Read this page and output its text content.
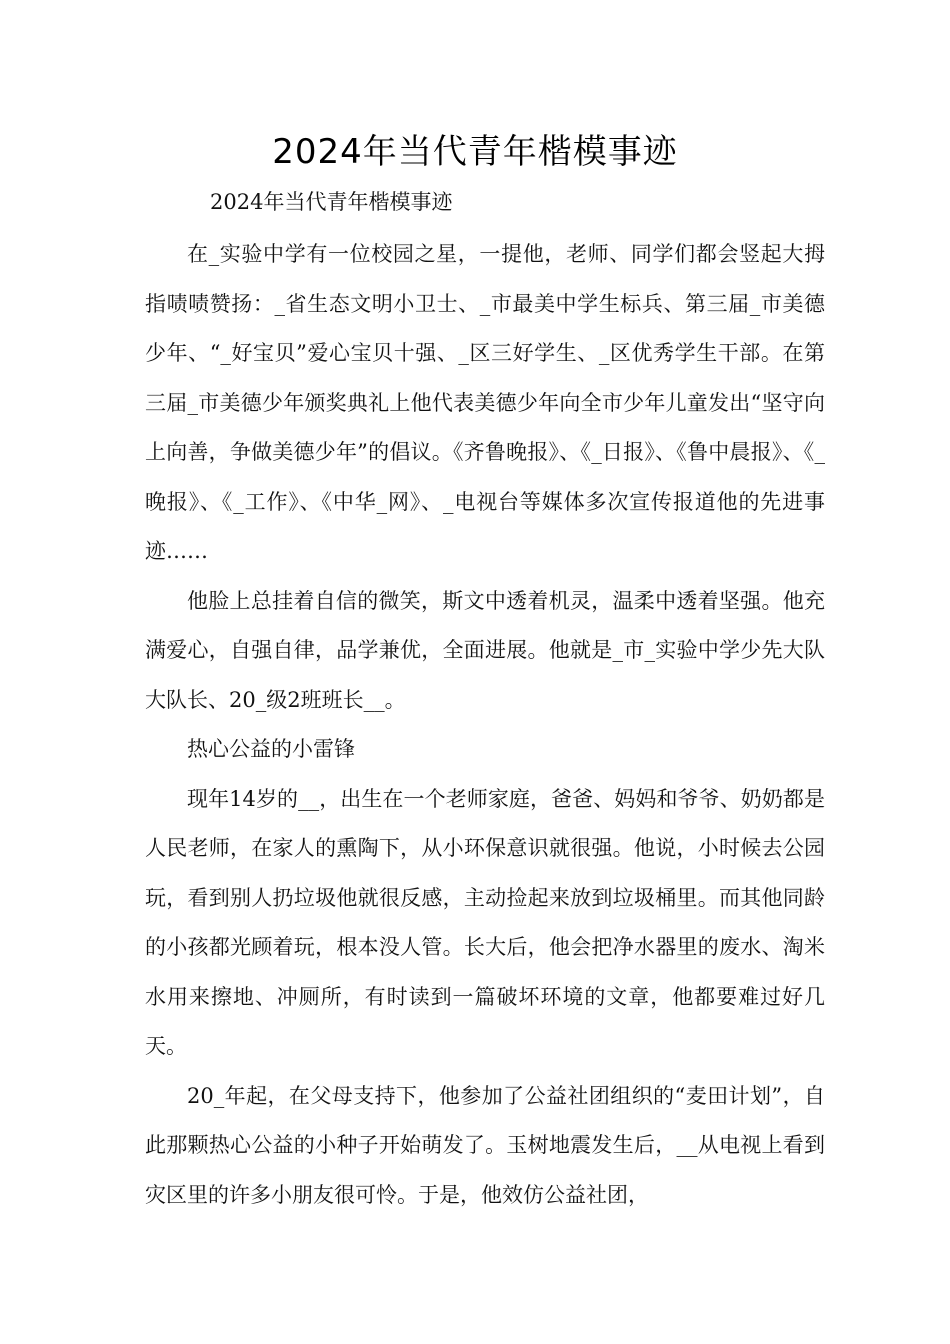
2024年当代青年楷模事迹
2024年当代青年楷模事迹

在_实验中学有一位校园之星，一提他，老师、同学们都会竖起大拇指啧啧赞扬：_省生态文明小卫士、_市最美中学生标兵、第三届_市美德少年、“_好宝贝”爱心宝贝十强、_区三好学生、_区优秀学生干部。在第三届_市美德少年颁奖典礼上他代表美德少年向全市少年儿童发出“坚守向上向善，争做美德少年”的倡议。《齐鲁晚报》、《_日报》、《鲁中晨报》、《_晚报》、《_工作》、《中华_网》、_电视台等媒体多次宣传报道他的先进事迹……

他脸上总挂着自信的微笑，斯文中透着机灵，温柔中透着坚强。他充满爱心，自强自律，品学兼优，全面进展。他就是_市_实验中学少先大队大队长、20_级2班班长__。

热心公益的小雷锋

现年14岁的__，出生在一个老师家庭，爸爸、妈妈和爷爷、奶奶都是人民老师，在家人的熏陶下，从小环保意识就很强。他说，小时候去公园玩，看到别人扔垃圾他就很反感，主动捡起来放到垃圾桶里。而其他同龄的小孩都光顾着玩，根本没人管。长大后，他会把净水器里的废水、淘米水用来擦地、冲厕所，有时读到一篇破坏环境的文章，他都要难过好几天。

20_年起，在父母支持下，他参加了公益社团组织的“麦田计划”，自此那颗热心公益的小种子开始萌发了。玉树地震发生后，__从电视上看到灾区里的许多小朋友很可怜。于是，他效仿公益社团，
